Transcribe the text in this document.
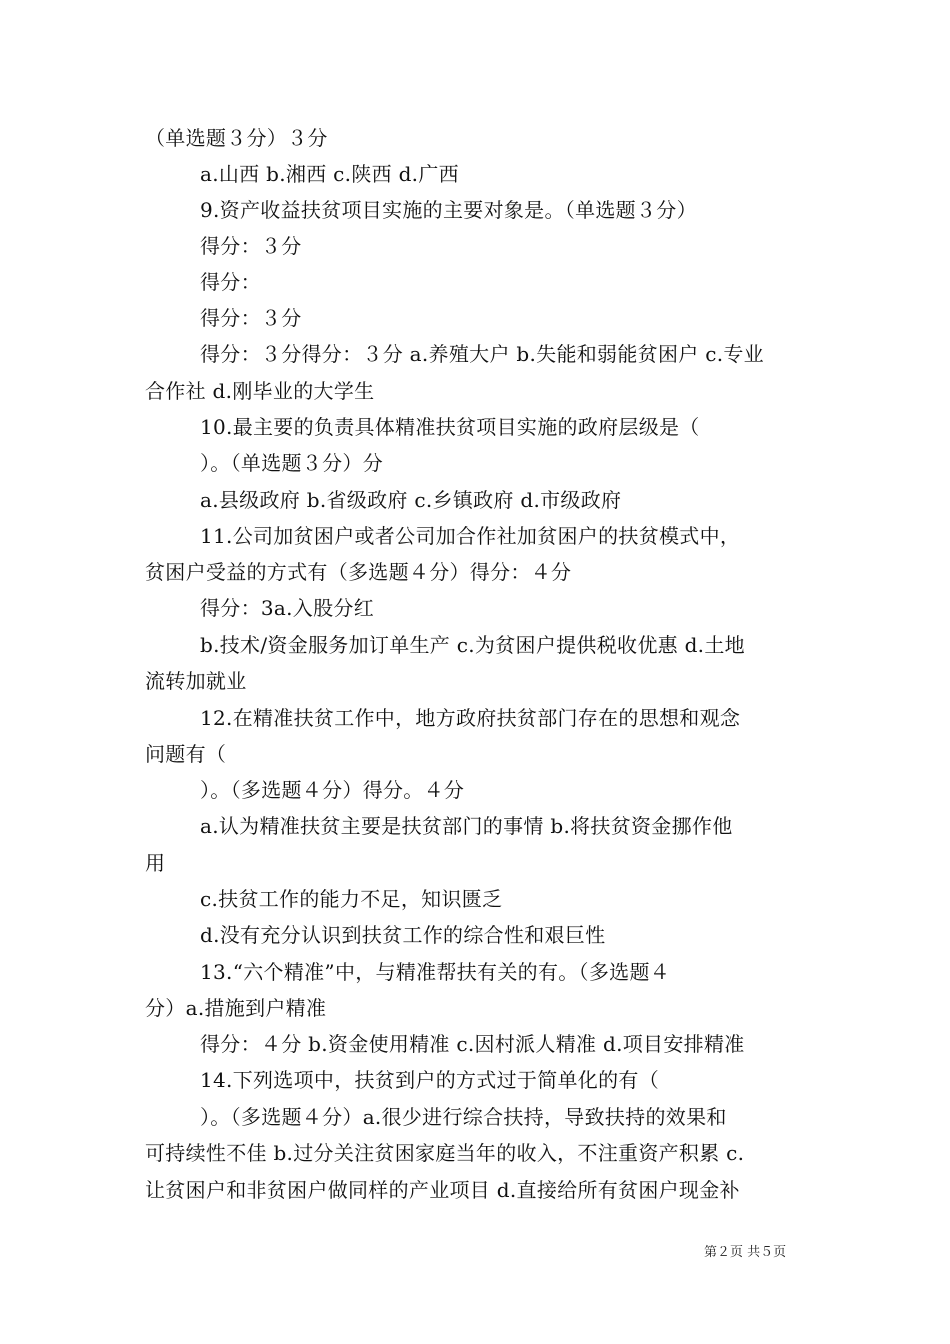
（单选题３分）３分
a.山西 b.湘西 c.陕西 d.广西
9.资产收益扶贫项目实施的主要对象是。（单选题３分）
得分：３分
得分：
得分：３分
得分：３分得分：３分 a.养殖大户 b.失能和弱能贫困户 c.专业
合作社 d.刚毕业的大学生
10.最主要的负责具体精准扶贫项目实施的政府层级是（
）。（单选题３分）分
a.县级政府 b.省级政府 c.乡镇政府 d.市级政府
11.公司加贫困户或者公司加合作社加贫困户的扶贫模式中，
贫困户受益的方式有（多选题４分）得分：４分
得分：3a.入股分红
b.技术/资金服务加订单生产 c.为贫困户提供税收优惠 d.土地
流转加就业
12.在精准扶贫工作中，地方政府扶贫部门存在的思想和观念
问题有（
）。（多选题４分）得分。４分
a.认为精准扶贫主要是扶贫部门的事情 b.将扶贫资金挪作他
用
c.扶贫工作的能力不足，知识匮乏
d.没有充分认识到扶贫工作的综合性和艰巨性
13.“六个精准”中，与精准帮扶有关的有。（多选题４
分）a.措施到户精准
得分：４分 b.资金使用精准 c.因村派人精准 d.项目安排精准
14.下列选项中，扶贫到户的方式过于简单化的有（
）。（多选题４分）a.很少进行综合扶持，导致扶持的效果和
可持续性不佳 b.过分关注贫困家庭当年的收入，不注重资产积累 c.
让贫困户和非贫困户做同样的产业项目 d.直接给所有贫困户现金补
第２页 共５页
